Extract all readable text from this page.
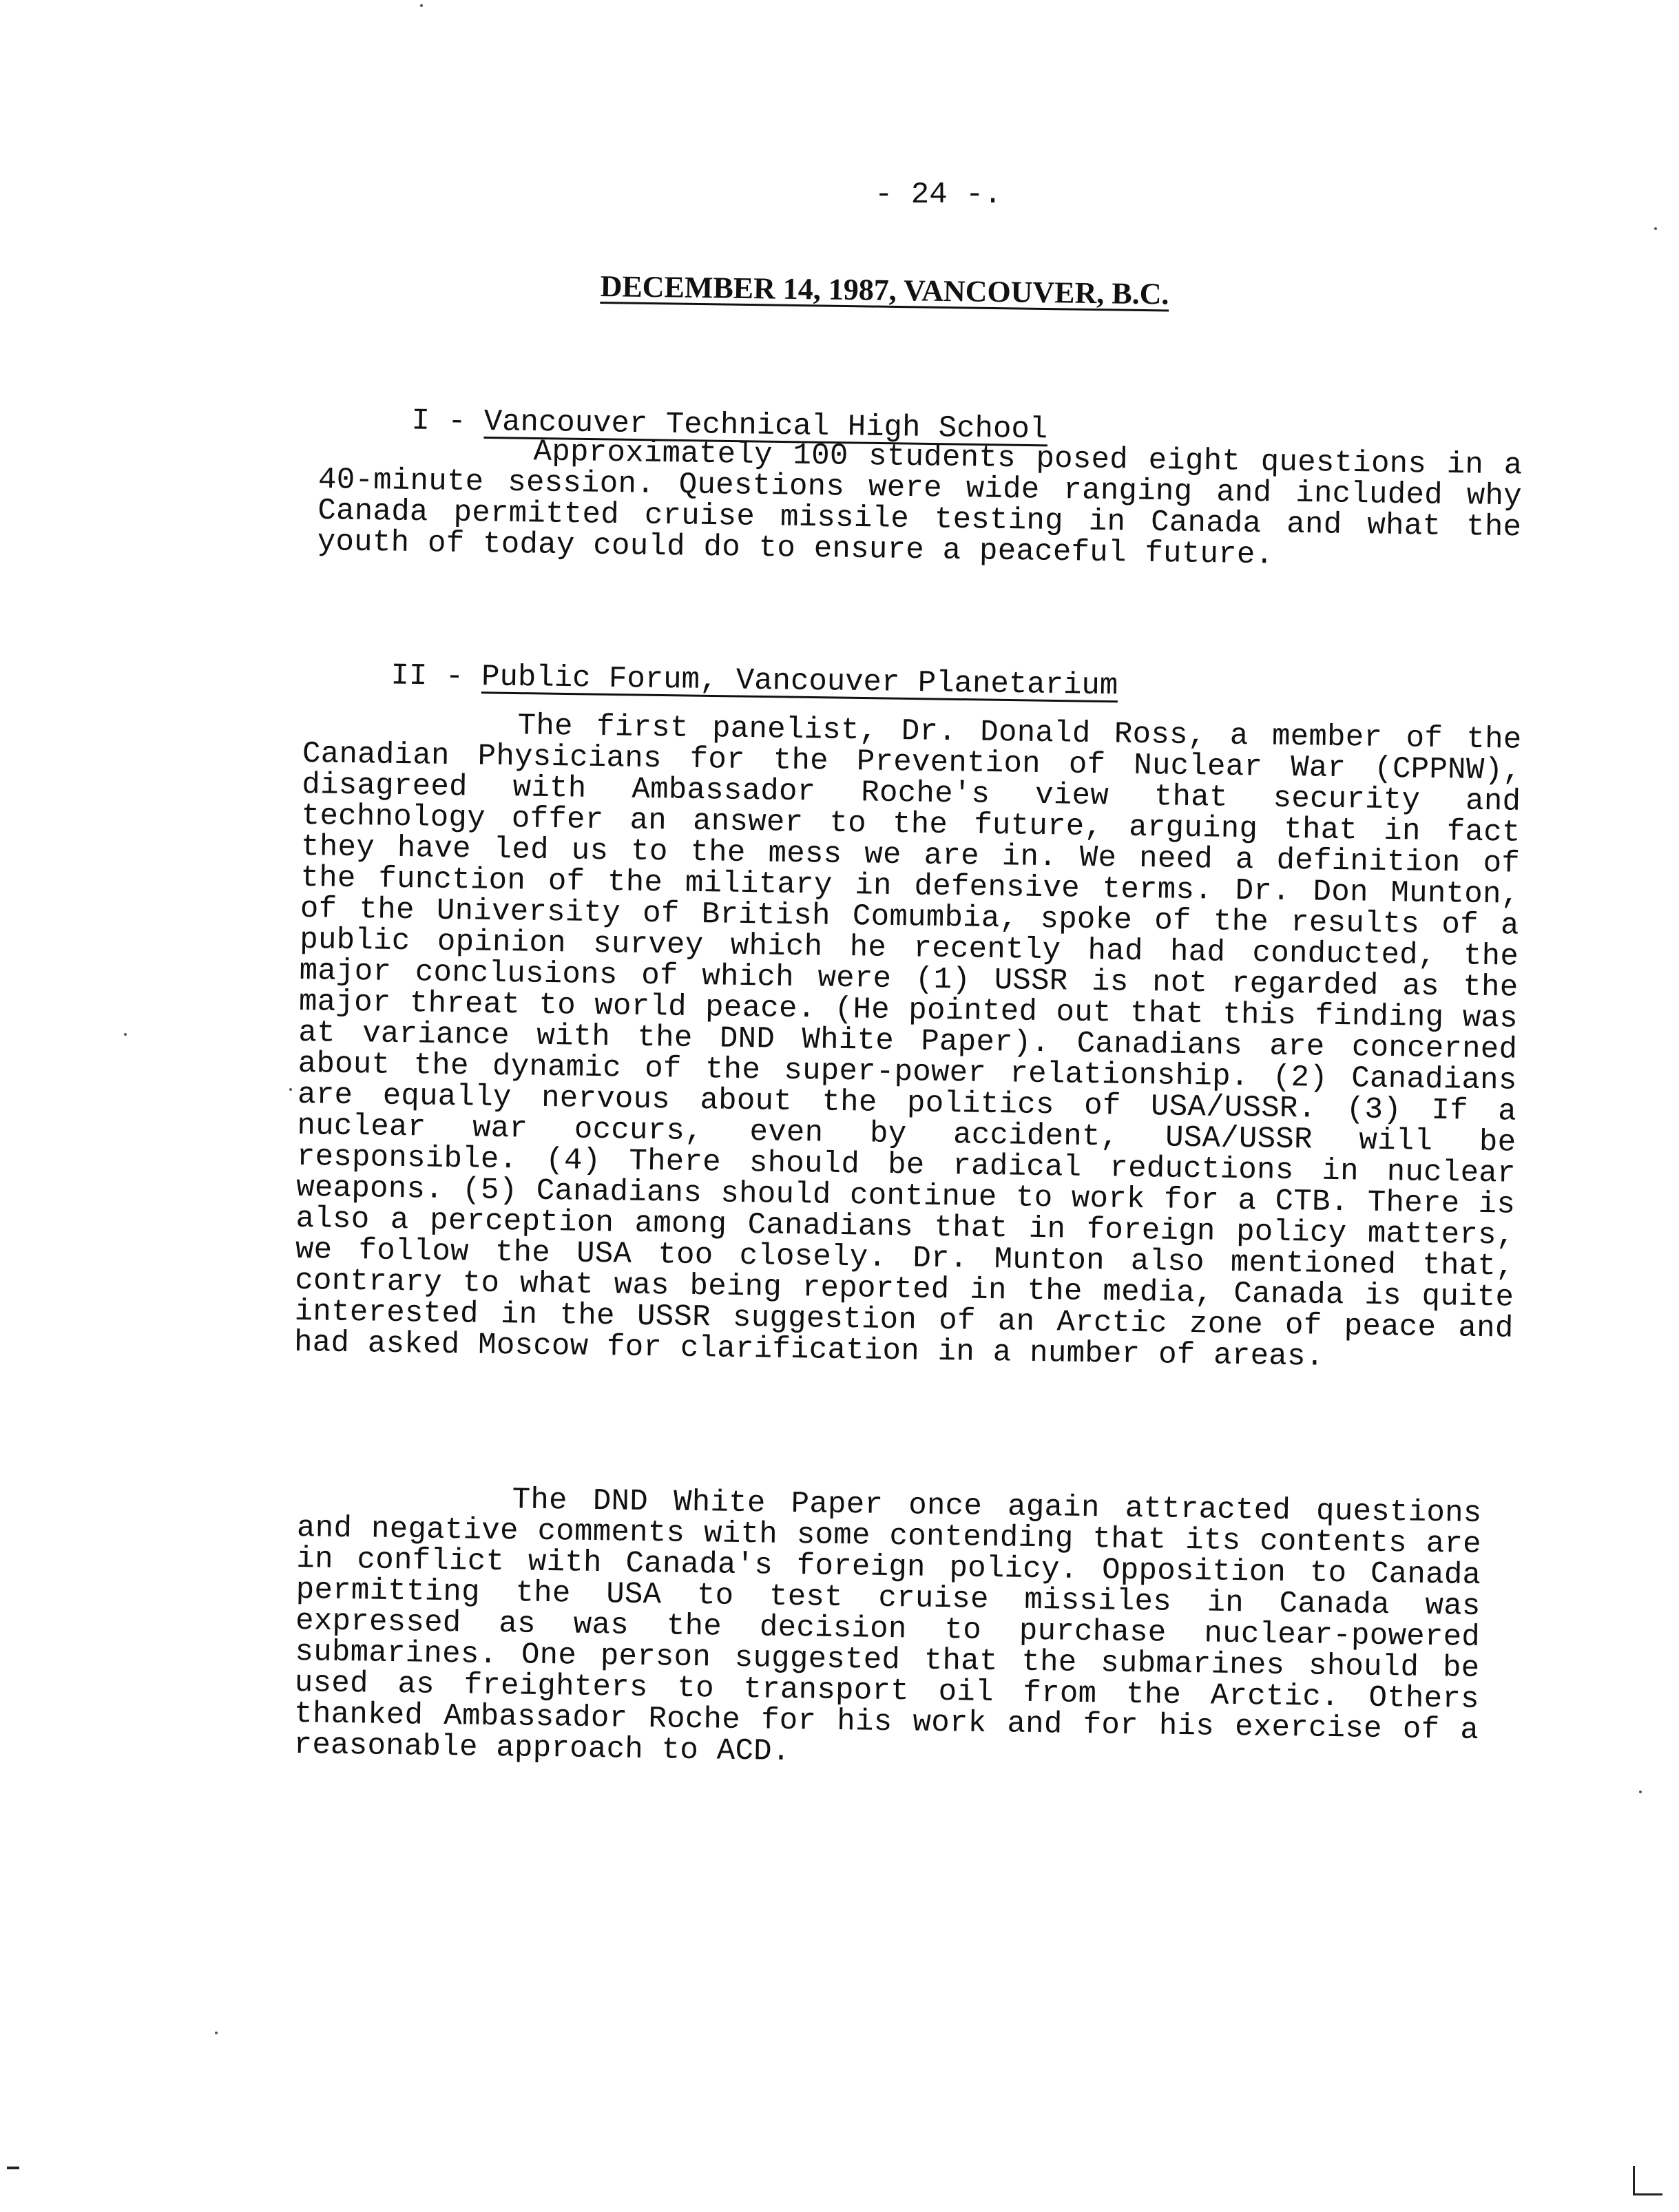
- 24 -.
DECEMBER 14, 1987, VANCOUVER, B.C.

I - Vancouver Technical High School

Approximately 100 students posed eight questions in a 40-minute session. Questions were wide ranging and included why Canada permitted cruise missile testing in Canada and what the youth of today could do to ensure a peaceful future.

II - Public Forum, Vancouver Planetarium

The first panelist, Dr. Donald Ross, a member of the Canadian Physicians for the Prevention of Nuclear War (CPPNW), disagreed with Ambassador Roche's view that security and technology offer an answer to the future, arguing that in fact they have led us to the mess we are in. We need a definition of the function of the military in defensive terms. Dr. Don Munton, of the University of British Comumbia, spoke of the results of a public opinion survey which he recently had had conducted, the major conclusions of which were (1) USSR is not regarded as the major threat to world peace. (He pointed out that this finding was at variance with the DND White Paper). Canadians are concerned about the dynamic of the super-power relationship. (2) Canadians are equally nervous about the politics of USA/USSR. (3) If a nuclear war occurs, even by accident, USA/USSR will be responsible. (4) There should be radical reductions in nuclear weapons. (5) Canadians should continue to work for a CTB. There is also a perception among Canadians that in foreign policy matters, we follow the USA too closely. Dr. Munton also mentioned that, contrary to what was being reported in the media, Canada is quite interested in the USSR suggestion of an Arctic zone of peace and had asked Moscow for clarification in a number of areas.
The DND White Paper once again attracted questions and negative comments with some contending that its contents are in conflict with Canada's foreign policy. Opposition to Canada permitting the USA to test cruise missiles in Canada was expressed as was the decision to purchase nuclear-powered submarines. One person suggested that the submarines should be used as freighters to transport oil from the Arctic. Others thanked Ambassador Roche for his work and for his exercise of a reasonable approach to ACD.
